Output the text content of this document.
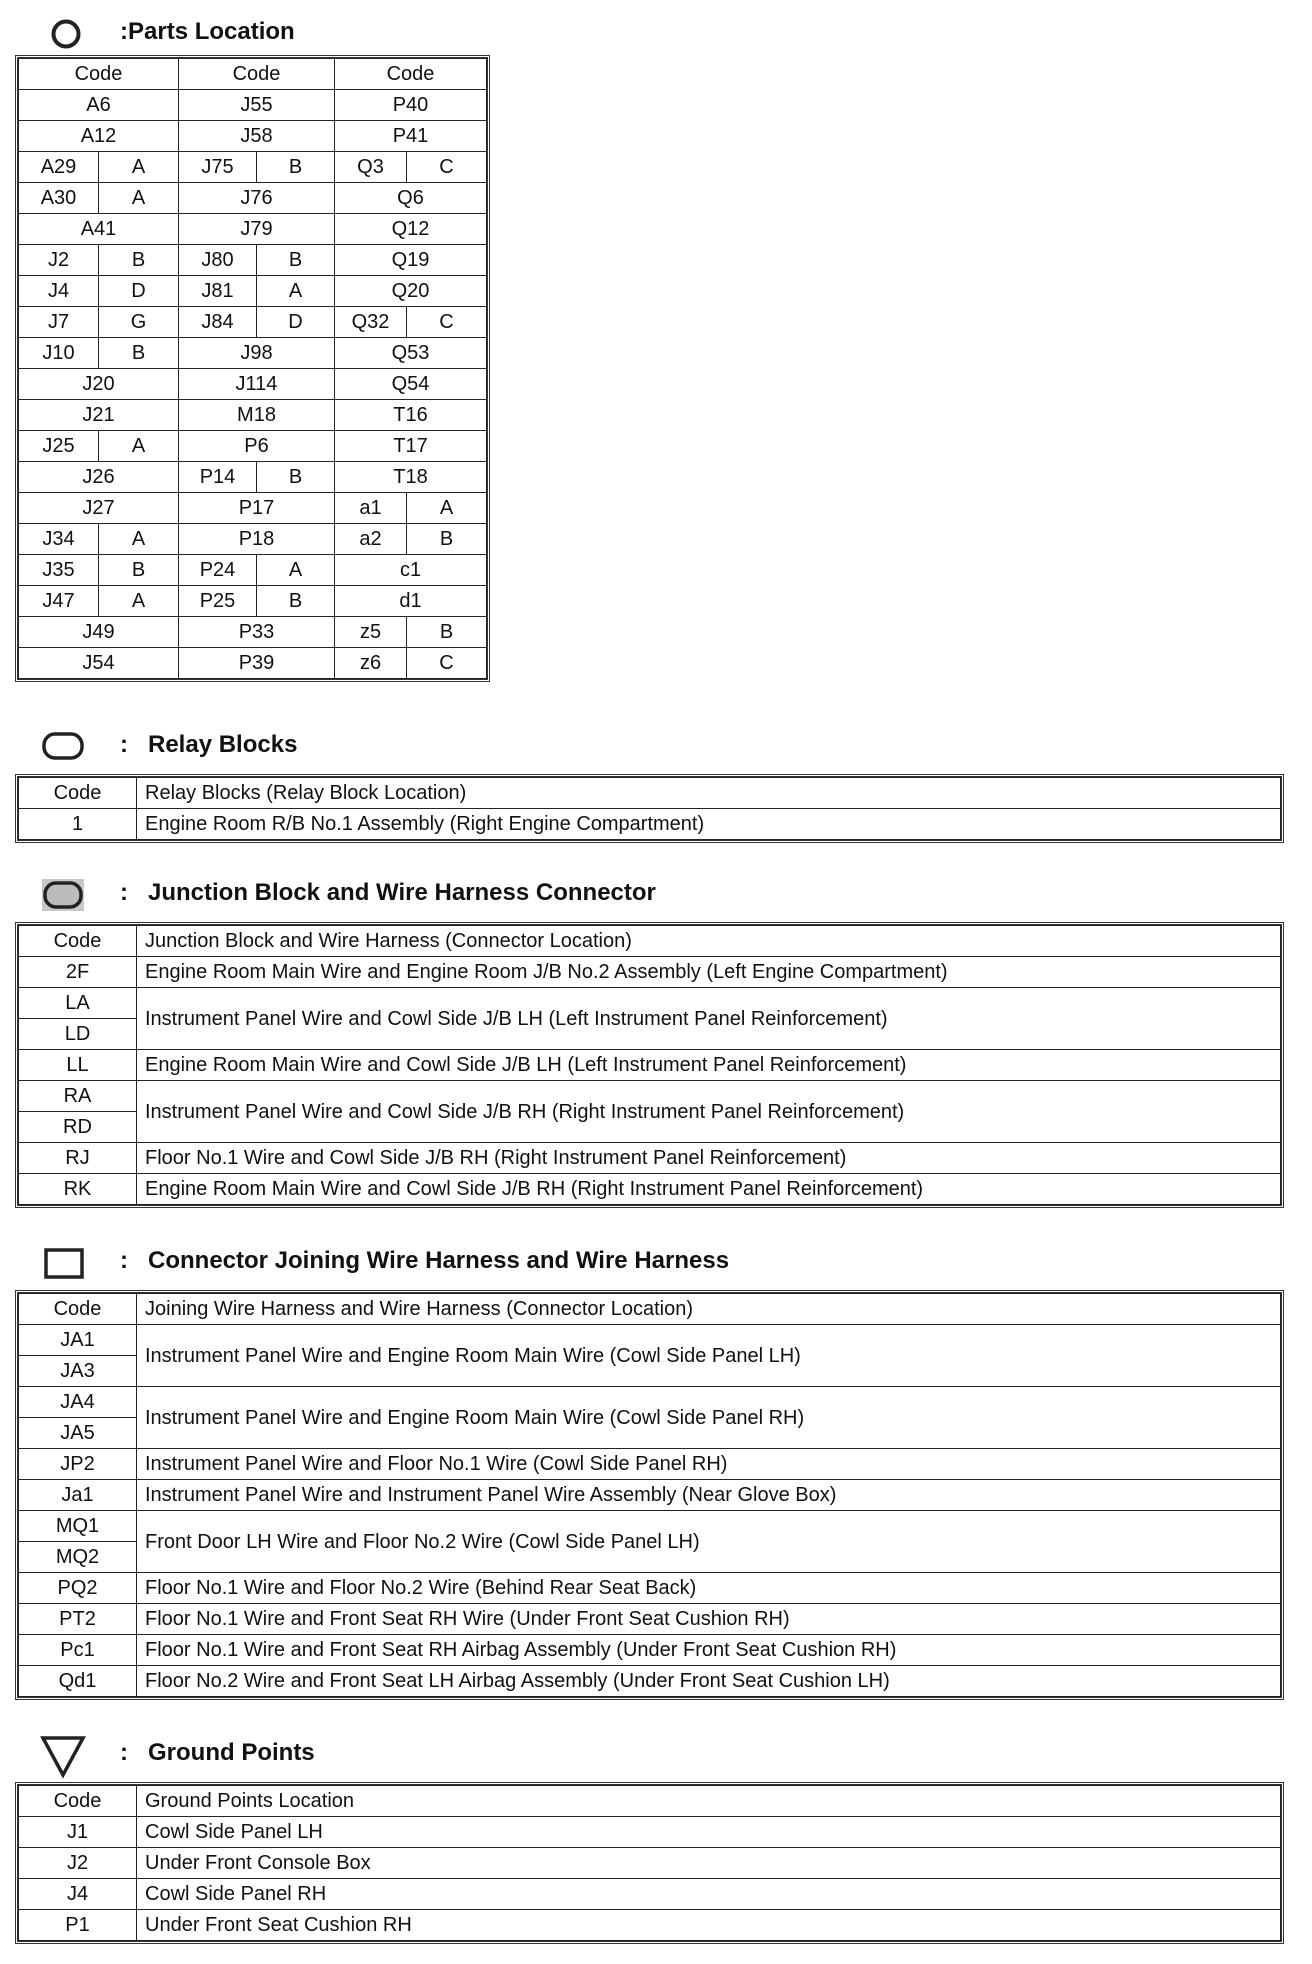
:Parts Location
Code		Code		Code	
A6		J55		P40	
A12		J58		P41	
A29	A	J75	B	Q3	C
A30	A	J76		Q6	
A41		J79		Q12	
J2	B	J80	B	Q19	
J4	D	J81	A	Q20	
J7	G	J84	D	Q32	C
J10	B	J98		Q53	
J20		J114		Q54	
J21		M18		T16	
J25	A	P6		T17	
J26		P14	B	T18	
J27		P17		a1	A
J34	A	P18		a2	B
J35	B	P24	A	c1	
J47	A	P25	B	d1	
J49		P33		z5	B
J54		P39		z6	C
: Relay Blocks
Code	Relay Blocks (Relay Block Location)
1	Engine Room R/B No.1 Assembly (Right Engine Compartment)
: Junction Block and Wire Harness Connector
Code	Junction Block and Wire Harness (Connector Location)
2F	Engine Room Main Wire and Engine Room J/B No.2 Assembly (Left Engine Compartment)
LA	Instrument Panel Wire and Cowl Side J/B LH (Left Instrument Panel Reinforcement)
LD	
LL	Engine Room Main Wire and Cowl Side J/B LH (Left Instrument Panel Reinforcement)
RA	Instrument Panel Wire and Cowl Side J/B RH (Right Instrument Panel Reinforcement)
RD	
RJ	Floor No.1 Wire and Cowl Side J/B RH (Right Instrument Panel Reinforcement)
RK	Engine Room Main Wire and Cowl Side J/B RH (Right Instrument Panel Reinforcement)
: Connector Joining Wire Harness and Wire Harness
Code	Joining Wire Harness and Wire Harness (Connector Location)
JA1	Instrument Panel Wire and Engine Room Main Wire (Cowl Side Panel LH)
JA3	
JA4	Instrument Panel Wire and Engine Room Main Wire (Cowl Side Panel RH)
JA5	
JP2	Instrument Panel Wire and Floor No.1 Wire (Cowl Side Panel RH)
Ja1	Instrument Panel Wire and Instrument Panel Wire Assembly (Near Glove Box)
MQ1	Front Door LH Wire and Floor No.2 Wire (Cowl Side Panel LH)
MQ2	
PQ2	Floor No.1 Wire and Floor No.2 Wire (Behind Rear Seat Back)
PT2	Floor No.1 Wire and Front Seat RH Wire (Under Front Seat Cushion RH)
Pc1	Floor No.1 Wire and Front Seat RH Airbag Assembly (Under Front Seat Cushion RH)
Qd1	Floor No.2 Wire and Front Seat LH Airbag Assembly (Under Front Seat Cushion LH)
: Ground Points
Code	Ground Points Location
J1	Cowl Side Panel LH
J2	Under Front Console Box
J4	Cowl Side Panel RH
P1	Under Front Seat Cushion RH
